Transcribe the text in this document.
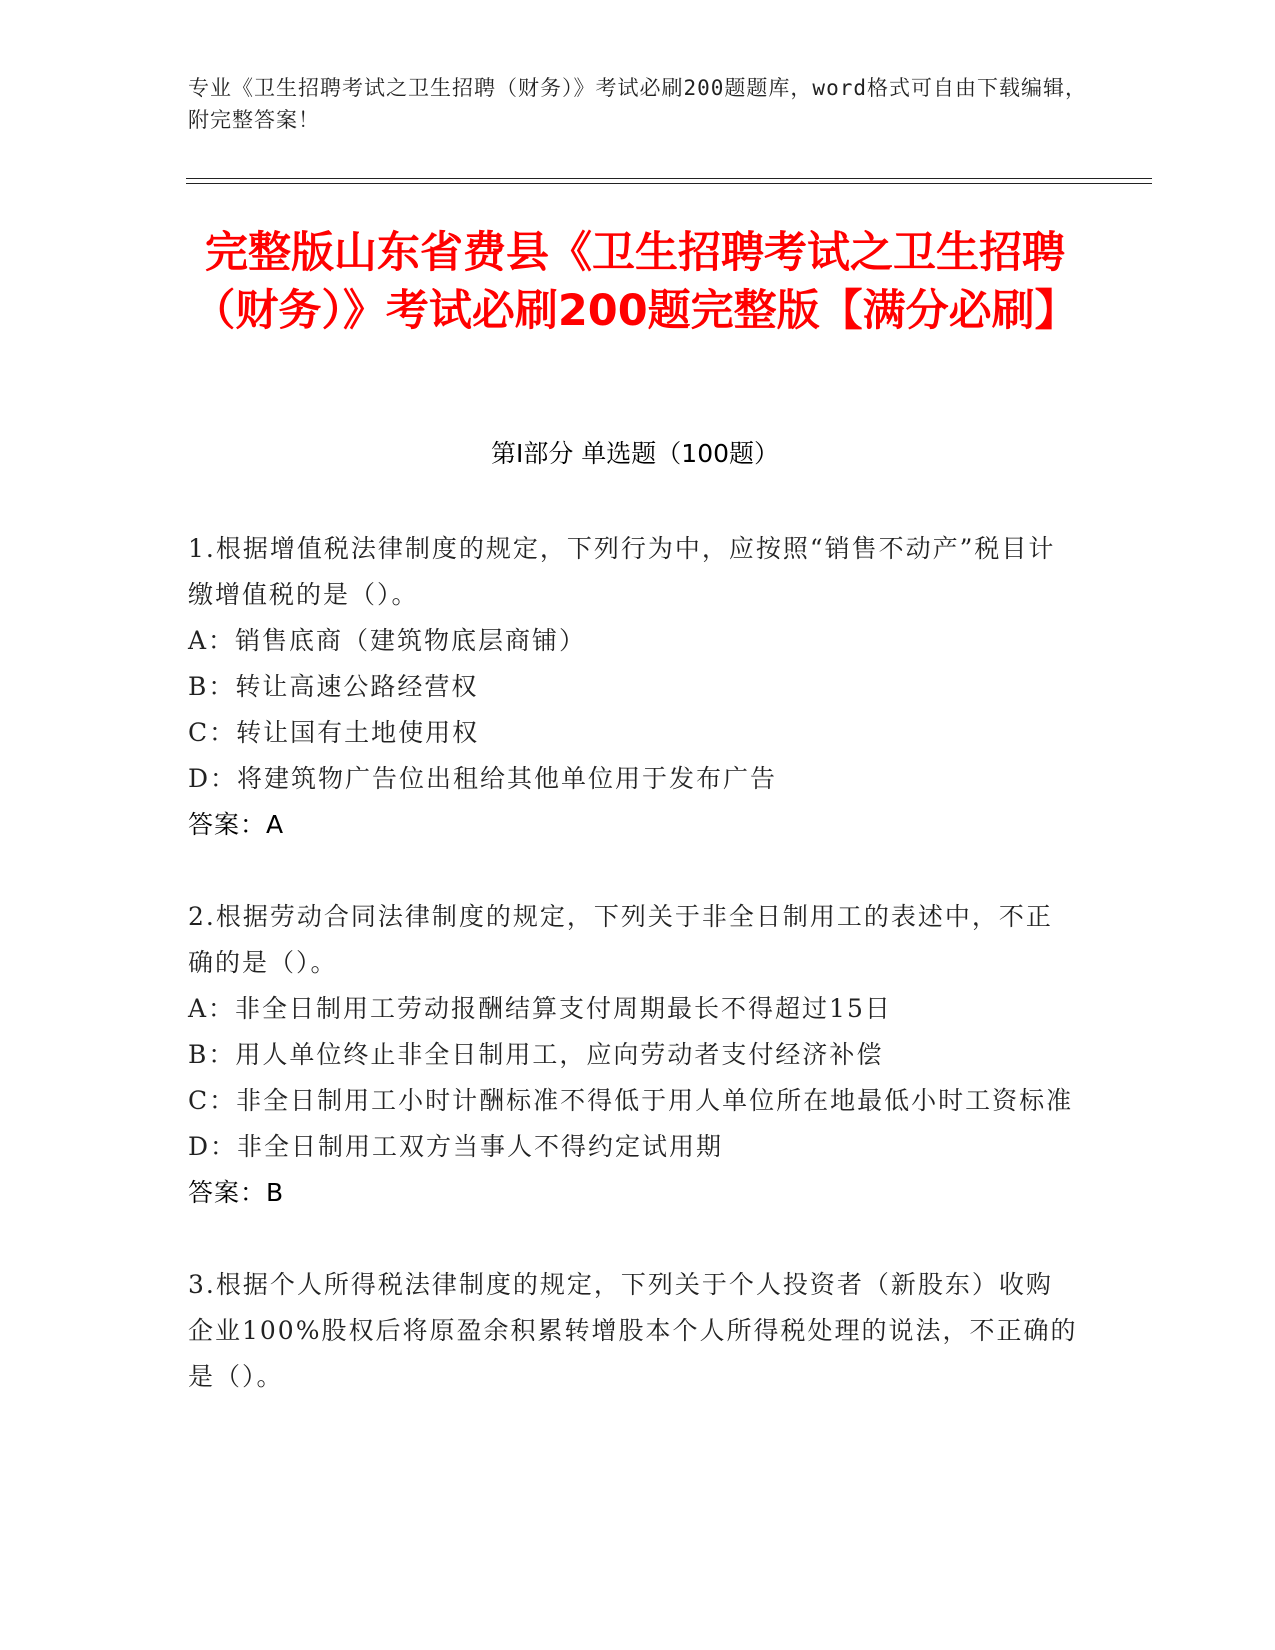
专业《卫生招聘考试之卫生招聘（财务）》考试必刷200题题库，word格式可自由下载编辑，附完整答案！
完整版山东省费县《卫生招聘考试之卫生招聘（财务）》考试必刷200题完整版【满分必刷】
第Ⅰ部分 单选题（100题）

1.根据增值税法律制度的规定，下列行为中，应按照“销售不动产”税目计缴增值税的是（）。

A：销售底商（建筑物底层商铺）

B：转让高速公路经营权

C：转让国有土地使用权

D：将建筑物广告位出租给其他单位用于发布广告

答案：A

2.根据劳动合同法律制度的规定，下列关于非全日制用工的表述中，不正确的是（）。

A：非全日制用工劳动报酬结算支付周期最长不得超过15日

B：用人单位终止非全日制用工，应向劳动者支付经济补偿

C：非全日制用工小时计酬标准不得低于用人单位所在地最低小时工资标准

D：非全日制用工双方当事人不得约定试用期

答案：B

3.根据个人所得税法律制度的规定，下列关于个人投资者（新股东）收购企业100%股权后将原盈余积累转增股本个人所得税处理的说法，不正确的是（）。
